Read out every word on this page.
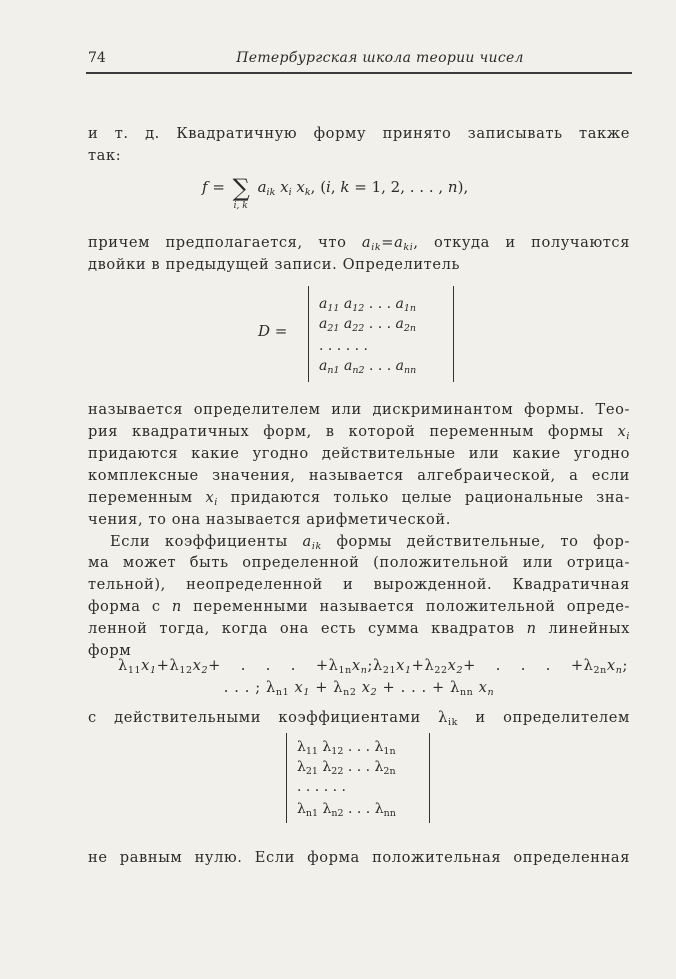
74	Петербургская школа теории чисел
и т. д. Квадратичную форму принято записывать также
так:
причем предполагается, что $a_{ik}=a_{ki}$, откуда и получаются
двойки в предыдущей записи. Определитель
называется определителем или дискриминантом формы. Тео-
рия квадратичных форм, в которой переменным формы $x_i$
придаются какие угодно действительные или какие угодно
комплексные значения, называется алгебраической, а если
переменным $x_i$ придаются только целые рациональные зна-
чения, то она называется арифметической.
Если коэффициенты $a_{ik}$ формы действительные, то фор-
ма может быть определенной (положительной или отрица-
тельной), неопределенной и вырожденной. Квадратичная
форма с n переменными называется положительной опреде-
ленной тогда, когда она есть сумма квадратов n линейных
форм
$\lambda_{11}x_1+\lambda_{12}x_2+$ . . . $+\lambda_{1n}x_n;\lambda_{21}x_1+\lambda_{22}x_2+$ . . . $+\lambda_{2n}x_n$;
. . . ; $\lambda_{n1}$ $x_1 + \lambda_{n2}$ $x_2$ + . . . + $\lambda_{nn}$ $x_n$
с действительными коэффициентами $\lambda_{ik}$ и определителем
не равным нулю. Если форма положительная определенная
f = ∑
i, k
$a_{ik}$ $x_i$ $x_k$, (i, k = 1, 2, . . . , n),
D =
$a_{11}$ $a_{12}$ . . . $a_{1n}$
$a_{21}$ $a_{22}$ . . . $a_{2n}$
. . . . . .
$a_{n1}$ $a_{n2}$ . . . $a_{nn}$
$\lambda_{11}$ $\lambda_{12}$ . . . $\lambda_{1n}$
$\lambda_{21}$ $\lambda_{22}$ . . . $\lambda_{2n}$
. . . . . .
$\lambda_{n1}$ $\lambda_{n2}$ . . . $\lambda_{nn}$
